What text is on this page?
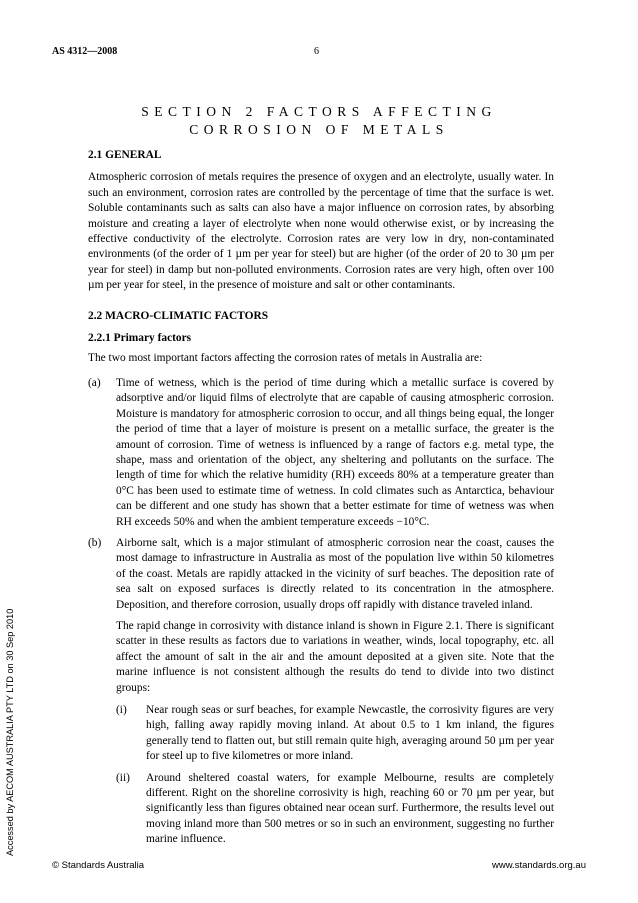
AS 4312—2008	6
SECTION 2 FACTORS AFFECTING
CORROSION OF METALS
2.1 GENERAL
Atmospheric corrosion of metals requires the presence of oxygen and an electrolyte, usually water. In such an environment, corrosion rates are controlled by the percentage of time that the surface is wet. Soluble contaminants such as salts can also have a major influence on corrosion rates, by absorbing moisture and creating a layer of electrolyte when none would otherwise exist, or by increasing the effective conductivity of the electrolyte. Corrosion rates are very low in dry, non-contaminated environments (of the order of 1 µm per year for steel) but are higher (of the order of 20 to 30 µm per year for steel) in damp but non-polluted environments. Corrosion rates are very high, often over 100 µm per year for steel, in the presence of moisture and salt or other contaminants.
2.2 MACRO-CLIMATIC FACTORS
2.2.1 Primary factors
The two most important factors affecting the corrosion rates of metals in Australia are:
(a)	Time of wetness, which is the period of time during which a metallic surface is covered by adsorptive and/or liquid films of electrolyte that are capable of causing atmospheric corrosion. Moisture is mandatory for atmospheric corrosion to occur, and all things being equal, the longer the period of time that a layer of moisture is present on a metallic surface, the greater is the amount of corrosion. Time of wetness is influenced by a range of factors e.g. metal type, the shape, mass and orientation of the object, any sheltering and pollutants on the surface. The length of time for which the relative humidity (RH) exceeds 80% at a temperature greater than 0°C has been used to estimate time of wetness. In cold climates such as Antarctica, behaviour can be different and one study has shown that a better estimate for time of wetness was when RH exceeds 50% and when the ambient temperature exceeds −10°C.
(b)	Airborne salt, which is a major stimulant of atmospheric corrosion near the coast, causes the most damage to infrastructure in Australia as most of the population live within 50 kilometres of the coast. Metals are rapidly attacked in the vicinity of surf beaches. The deposition rate of sea salt on exposed surfaces is directly related to its concentration in the atmosphere. Deposition, and therefore corrosion, usually drops off rapidly with distance traveled inland.
The rapid change in corrosivity with distance inland is shown in Figure 2.1. There is significant scatter in these results as factors due to variations in weather, winds, local topography, etc. all affect the amount of salt in the air and the amount deposited at a given site. Note that the marine influence is not consistent although the results do tend to divide into two distinct groups:
(i)	Near rough seas or surf beaches, for example Newcastle, the corrosivity figures are very high, falling away rapidly moving inland. At about 0.5 to 1 km inland, the figures generally tend to flatten out, but still remain quite high, averaging around 50 µm per year for steel up to five kilometres or more inland.
(ii)	Around sheltered coastal waters, for example Melbourne, results are completely different. Right on the shoreline corrosivity is high, reaching 60 or 70 µm per year, but significantly less than figures obtained near ocean surf. Furthermore, the results level out moving inland more than 500 metres or so in such an environment, suggesting no further marine influence.
Accessed by AECOM AUSTRALIA PTY LTD on 30 Sep 2010
© Standards Australia	www.standards.org.au
